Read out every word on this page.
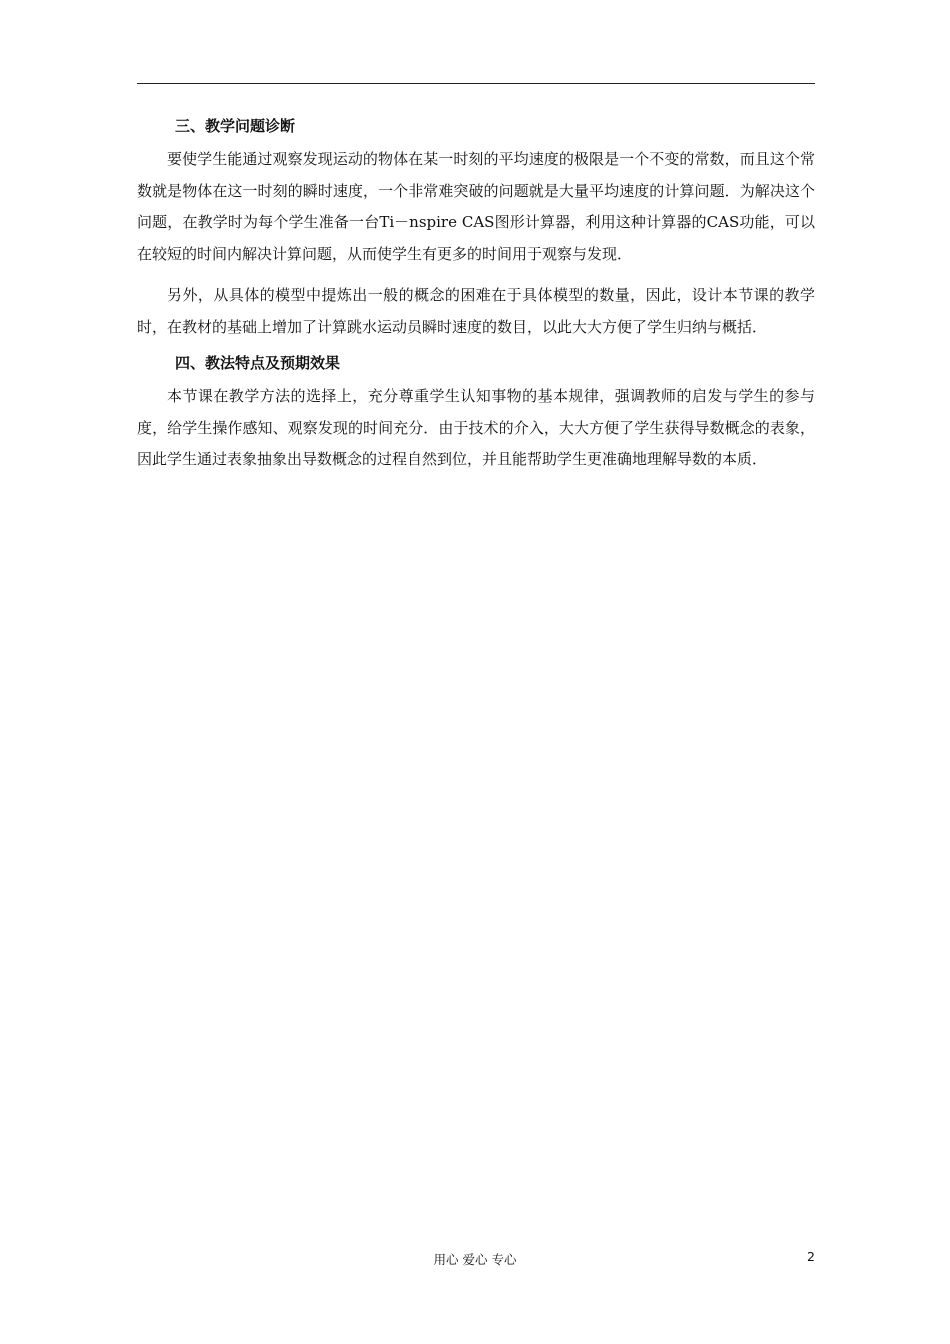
三、教学问题诊断

要使学生能通过观察发现运动的物体在某一时刻的平均速度的极限是一个不变的常数，而且这个常数就是物体在这一时刻的瞬时速度，一个非常难突破的问题就是大量平均速度的计算问题．为解决这个问题，在教学时为每个学生准备一台Ti－nspire CAS图形计算器，利用这种计算器的CAS功能，可以在较短的时间内解决计算问题，从而使学生有更多的时间用于观察与发现．

另外，从具体的模型中提炼出一般的概念的困难在于具体模型的数量，因此，设计本节课的教学时，在教材的基础上增加了计算跳水运动员瞬时速度的数目，以此大大方便了学生归纳与概括．

四、教法特点及预期效果

本节课在教学方法的选择上，充分尊重学生认知事物的基本规律，强调教师的启发与学生的参与度，给学生操作感知、观察发现的时间充分．由于技术的介入，大大方便了学生获得导数概念的表象，因此学生通过表象抽象出导数概念的过程自然到位，并且能帮助学生更准确地理解导数的本质．

用心 爱心 专心	2
